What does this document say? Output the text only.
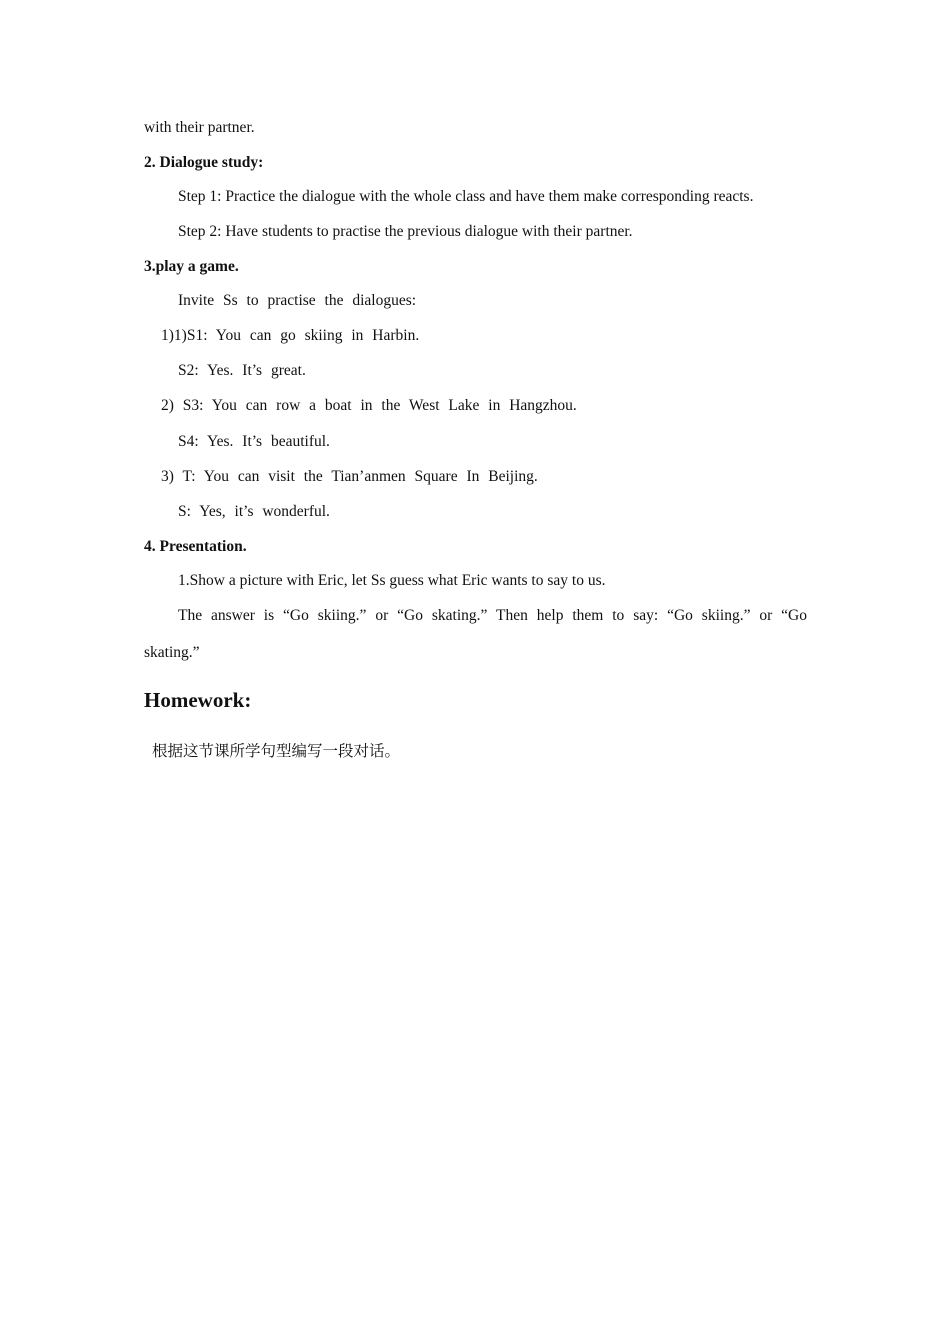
with their partner.
2. Dialogue study:
Step 1: Practice the dialogue with the whole class and have them make corresponding reacts.
Step 2: Have students to practise the previous dialogue with their partner.
3.play a game.
Invite Ss to practise the dialogues:
1)1)S1: You can go skiing in Harbin.
S2: Yes. It’s great.
2) S3: You can row a boat in the West Lake in Hangzhou.
S4: Yes. It’s beautiful.
3) T: You can visit the Tian’anmen Square In Beijing.
S: Yes, it’s wonderful.
4. Presentation.
1.Show a picture with Eric, let Ss guess what Eric wants to say to us.
The answer is “Go skiing.” or “Go skating.” Then help them to say: “Go skiing.” or “Go
skating.”
Homework:
根据这节课所学句型编写一段对话。
